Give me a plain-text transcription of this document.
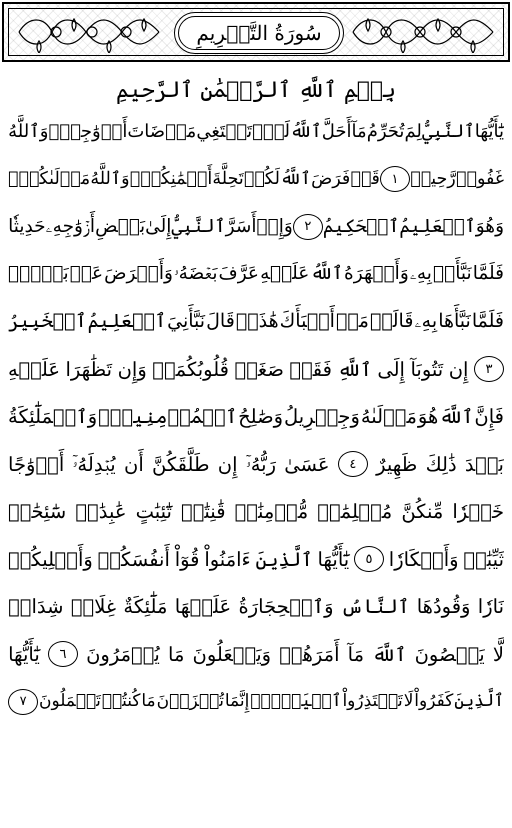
سُورَةُ التَّحۡرِيمِ
بِسۡمِ ٱللَّهِ ٱلرَّحۡمَٰنِ ٱلرَّحِيمِ
يَٰٓأَيُّهَا
ٱلنَّبِيُّ
لِمَ
تُحَرِّمُ
مَآ
أَحَلَّ
ٱللَّهُ
لَكَۖ
تَبۡتَغِي
مَرۡضَاتَ
أَزۡوَٰجِكَۚ
وَٱللَّهُ
غَفُورٞ
رَّحِيمٞ
١
قَدۡ
فَرَضَ
ٱللَّهُ
لَكُمۡ
تَحِلَّةَ
أَيۡمَٰنِكُمۡۚ
وَٱللَّهُ
مَوۡلَىٰكُمۡۖ
وَهُوَ
ٱلۡعَلِيمُ
ٱلۡحَكِيمُ
٢
وَإِذۡ
أَسَرَّ
ٱلنَّبِيُّ
إِلَىٰ
بَعۡضِ
أَزۡوَٰجِهِۦ
حَدِيثٗا
فَلَمَّا
نَبَّأَتۡ
بِهِۦ
وَأَظۡهَرَهُ
ٱللَّهُ
عَلَيۡهِ
عَرَّفَ
بَعۡضَهُۥ
وَأَعۡرَضَ
عَنۢ
بَعۡضٖۖ
فَلَمَّا
نَبَّأَهَا
بِهِۦ
قَالَتۡ
مَنۡ
أَنۢبَأَكَ
هَٰذَاۖ
قَالَ
نَبَّأَنِيَ
ٱلۡعَلِيمُ
ٱلۡخَبِيرُ
٣
إِن
تَتُوبَآ
إِلَى
ٱللَّهِ
فَقَدۡ
صَغَتۡ
قُلُوبُكُمَاۖ
وَإِن
تَظَٰهَرَا
عَلَيۡهِ
فَإِنَّ
ٱللَّهَ
هُوَ
مَوۡلَىٰهُ
وَجِبۡرِيلُ
وَصَٰلِحُ
ٱلۡمُؤۡمِنِينَۖ
وَٱلۡمَلَٰٓئِكَةُ
بَعۡدَ
ذَٰلِكَ
ظَهِيرٌ
٤
عَسَىٰ
رَبُّهُۥٓ
إِن
طَلَّقَكُنَّ
أَن
يُبۡدِلَهُۥٓ
أَزۡوَٰجًا
خَيۡرٗا
مِّنكُنَّ
مُسۡلِمَٰتٖ
مُّؤۡمِنَٰتٖ
قَٰنِتَٰتٖ
تَٰٓئِبَٰتٍ
عَٰبِدَٰتٖ
سَٰٓئِحَٰتٖ
ثَيِّبَٰتٖ
وَأَبۡكَارٗا
٥
يَٰٓأَيُّهَا
ٱلَّذِينَ
ءَامَنُواْ
قُوٓاْ
أَنفُسَكُمۡ
وَأَهۡلِيكُمۡ
نَارٗا
وَقُودُهَا
ٱلنَّاسُ
وَٱلۡحِجَارَةُ
عَلَيۡهَا
مَلَٰٓئِكَةٌ
غِلَاظٞ
شِدَادٞ
لَّا
يَعۡصُونَ
ٱللَّهَ
مَآ
أَمَرَهُمۡ
وَيَفۡعَلُونَ
مَا
يُؤۡمَرُونَ
٦
يَٰٓأَيُّهَا
ٱلَّذِينَ
كَفَرُواْ
لَا
تَعۡتَذِرُواْ
ٱلۡيَوۡمَۖ
إِنَّمَا
تُجۡزَوۡنَ
مَا
كُنتُمۡ
تَعۡمَلُونَ
٧
